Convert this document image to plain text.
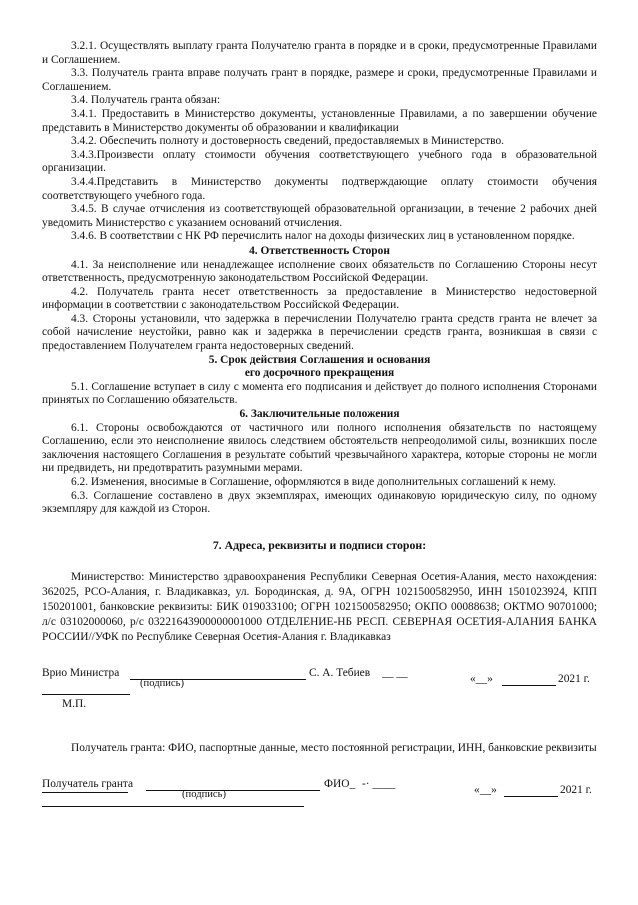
3.2.1. Осуществлять выплату гранта Получателю гранта в порядке и в сроки, предусмотренные Правилами и Соглашением.

3.3. Получатель гранта вправе получать грант в порядке, размере и сроки, предусмотренные Правилами и Соглашением.

3.4. Получатель гранта обязан:

3.4.1. Предоставить в Министерство документы, установленные Правилами, а по завершении обучение представить в Министерство документы об образовании и квалификации

3.4.2. Обеспечить полноту и достоверность сведений, предоставляемых в Министерство.

3.4.3.Произвести оплату стоимости обучения соответствующего учебного года в образовательной организации.

3.4.4.Представить в Министерство документы подтверждающие оплату стоимости обучения соответствующего учебного года.

3.4.5. В случае отчисления из соответствующей образовательной организации, в течение 2 рабочих дней уведомить Министерство с указанием оснований отчисления.

3.4.6. В соответствии с НК РФ перечислить налог на доходы физических лиц в установленном порядке.

4. Ответственность Сторон

4.1. За неисполнение или ненадлежащее исполнение своих обязательств по Соглашению Стороны несут ответственность, предусмотренную законодательством Российской Федерации.

4.2. Получатель гранта несет ответственность за предоставление в Министерство недостоверной информации в соответствии с законодательством Российской Федерации.

4.3. Стороны установили, что задержка в перечислении Получателю гранта средств гранта не влечет за собой начисление неустойки, равно как и задержка в перечислении средств гранта, возникшая в связи с предоставлением Получателем гранта недостоверных сведений.

5. Срок действия Соглашения и основания

его досрочного прекращения

5.1. Соглашение вступает в силу с момента его подписания и действует до полного исполнения Сторонами принятых по Соглашению обязательств.

6. Заключительные положения

6.1. Стороны освобождаются от частичного или полного исполнения обязательств по настоящему Соглашению, если это неисполнение явилось следствием обстоятельств непреодолимой силы, возникших после заключения настоящего Соглашения в результате событий чрезвычайного характера, которые стороны не могли ни предвидеть, ни предотвратить разумными мерами.

6.2. Изменения, вносимые в Соглашение, оформляются в виде дополнительных соглашений к нему.

6.3. Соглашение составлено в двух экземплярах, имеющих одинаковую юридическую силу, по одному экземпляру для каждой из Сторон.

7. Адреса, реквизиты и подписи сторон:

Министерство: Министерство здравоохранения Республики Северная Осетия-Алания, место нахождения: 362025, РСО-Алания, г. Владикавказ, ул. Бородинская, д. 9А, ОГРН 1021500582950, ИНН 1501023924, КПП 150201001, банковские реквизиты: БИК 019033100; ОГРН 1021500582950; ОКПО 00088638; ОКТМО 90701000; л/с 03102000060, р/с 03221643900000001000 ОТДЕЛЕНИЕ-НБ РЕСП. СЕВЕРНАЯ ОСЕТИЯ-АЛАНИЯ БАНКА РОССИИ//УФК по Республике Северная Осетия-Алания г. Владикавказ

Врио Министра	С. А. Тебиев __ __
(подпись)	«__»	2021 г.
М.П.

Получатель гранта: ФИО, паспортные данные, место постоянной регистрации, ИНН, банковские реквизиты

Получатель гранта	ФИО_ -· ____
(подпись)	«__»	2021 г.
